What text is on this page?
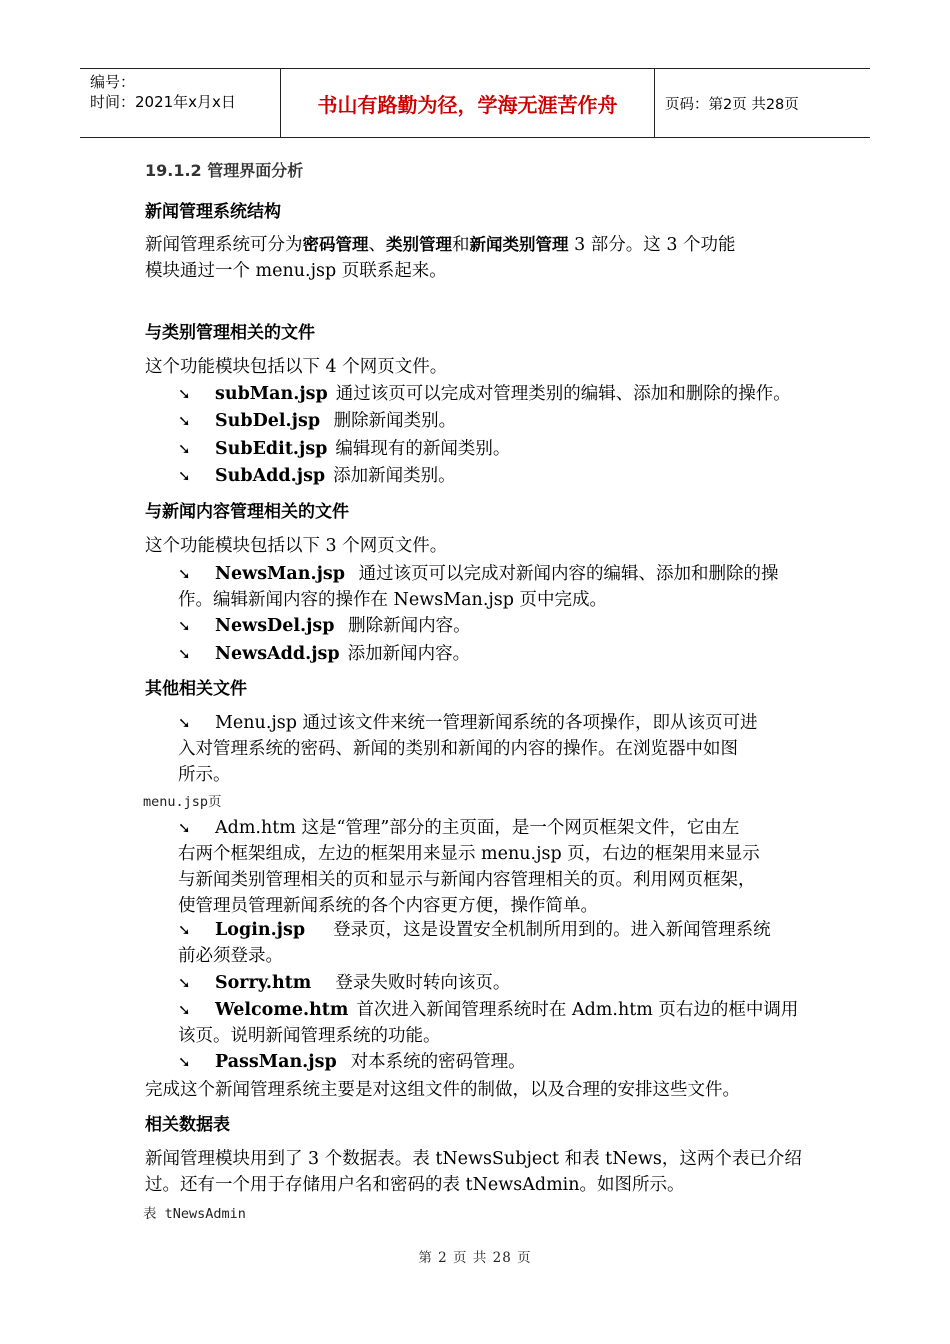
编号：
时间：2021年x月x日	书山有路勤为径，学海无涯苦作舟	页码：第2页 共28页
19.1.2 管理界面分析
新闻管理系统结构
新闻管理系统可分为密码管理、类别管理和新闻类别管理 3 部分。这 3 个功能
模块通过一个 menu.jsp 页联系起来。
与类别管理相关的文件
这个功能模块包括以下 4 个网页文件。
➘ subMan.jsp 通过该页可以完成对管理类别的编辑、添加和删除的操作。
➘ SubDel.jsp 删除新闻类别。
➘ SubEdit.jsp 编辑现有的新闻类别。
➘ SubAdd.jsp 添加新闻类别。
与新闻内容管理相关的文件
这个功能模块包括以下 3 个网页文件。
➘ NewsMan.jsp 通过该页可以完成对新闻内容的编辑、添加和删除的操
作。编辑新闻内容的操作在 NewsMan.jsp 页中完成。
➘ NewsDel.jsp 删除新闻内容。
➘ NewsAdd.jsp 添加新闻内容。
其他相关文件
➘ Menu.jsp 通过该文件来统一管理新闻系统的各项操作，即从该页可进
入对管理系统的密码、新闻的类别和新闻的内容的操作。在浏览器中如图
所示。
menu.jsp页
➘ Adm.htm 这是“管理”部分的主页面，是一个网页框架文件，它由左
右两个框架组成，左边的框架用来显示 menu.jsp 页，右边的框架用来显示
与新闻类别管理相关的页和显示与新闻内容管理相关的页。利用网页框架，
使管理员管理新闻系统的各个内容更方便，操作简单。
➘ Login.jsp 登录页，这是设置安全机制所用到的。进入新闻管理系统
前必须登录。
➘ Sorry.htm 登录失败时转向该页。
➘ Welcome.htm 首次进入新闻管理系统时在 Adm.htm 页右边的框中调用
该页。说明新闻管理系统的功能。
➘ PassMan.jsp 对本系统的密码管理。
完成这个新闻管理系统主要是对这组文件的制做，以及合理的安排这些文件。
相关数据表
新闻管理模块用到了 3 个数据表。表 tNewsSubject 和表 tNews，这两个表已介绍
过。还有一个用于存储用户名和密码的表 tNewsAdmin。如图所示。
表 tNewsAdmin
第 2 页 共 28 页
